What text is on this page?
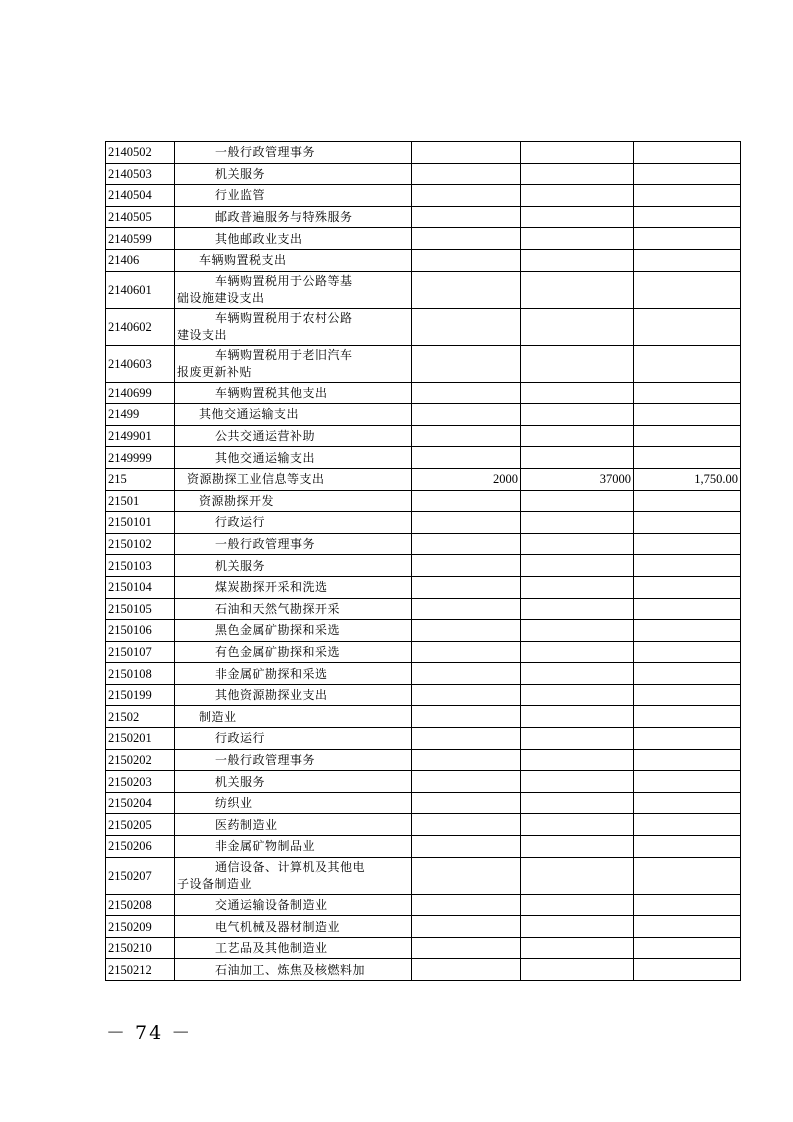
2140502	一般行政管理事务			
2140503	机关服务			
2140504	行业监管			
2140505	邮政普遍服务与特殊服务			
2140599	其他邮政业支出			
21406	车辆购置税支出			
2140601	车辆购置税用于公路等基
础设施建设支出			

2140602	车辆购置税用于农村公路
建设支出			

2140603	车辆购置税用于老旧汽车
报废更新补贴			

2140699	车辆购置税其他支出			
21499	其他交通运输支出			
2149901	公共交通运营补助			
2149999	其他交通运输支出			
215	资源勘探工业信息等支出	2000	37000	1,750.00
21501	资源勘探开发			
2150101	行政运行			
2150102	一般行政管理事务			
2150103	机关服务			
2150104	煤炭勘探开采和洗选			
2150105	石油和天然气勘探开采			
2150106	黑色金属矿勘探和采选			
2150107	有色金属矿勘探和采选			
2150108	非金属矿勘探和采选			
2150199	其他资源勘探业支出			
21502	制造业			
2150201	行政运行			
2150202	一般行政管理事务			
2150203	机关服务			
2150204	纺织业			
2150205	医药制造业			
2150206	非金属矿物制品业			
2150207	通信设备、计算机及其他电
子设备制造业			

2150208	交通运输设备制造业			
2150209	电气机械及器材制造业			
2150210	工艺品及其他制造业			
2150212	石油加工、炼焦及核燃料加			
－ 74 －
